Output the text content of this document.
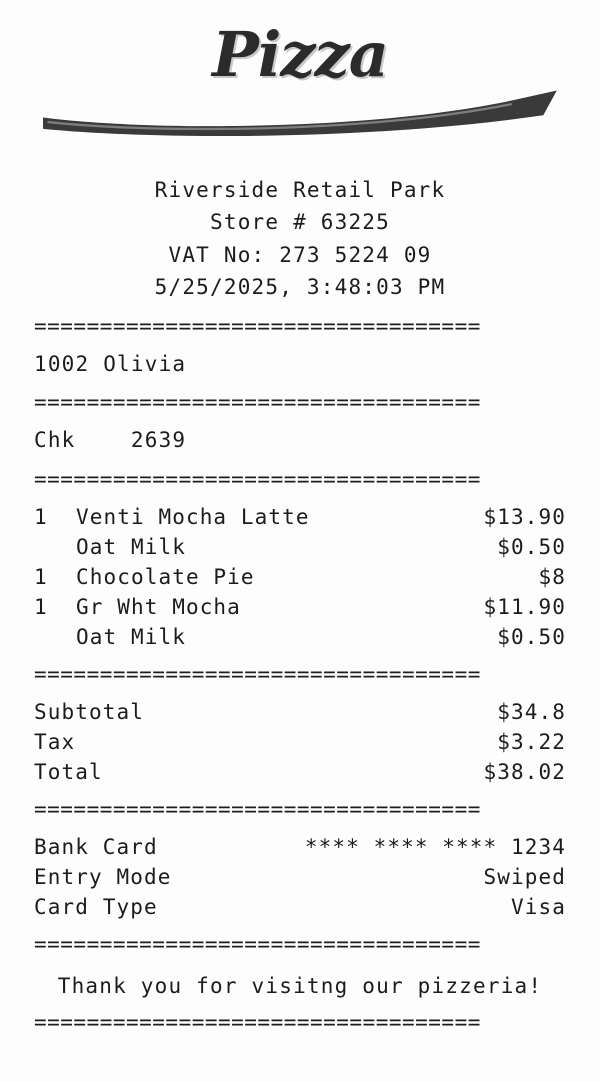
Pizza
Riverside Retail Park
Store # 63225
VAT No: 273 5224 09
5/25/2025, 3:48:03 PM
==================================
1002 Olivia
==================================
Chk    2639
==================================
1	Venti Mocha Latte	$13.90
	Oat Milk	$0.50
1	Chocolate Pie	$8
1	Gr Wht Mocha	$11.90
	Oat Milk	$0.50
==================================
Subtotal	$34.8
Tax	$3.22
Total	$38.02
==================================
Bank Card	**** **** **** 1234
Entry Mode	Swiped
Card Type	Visa
==================================
Thank you for visitng our pizzeria!
==================================
